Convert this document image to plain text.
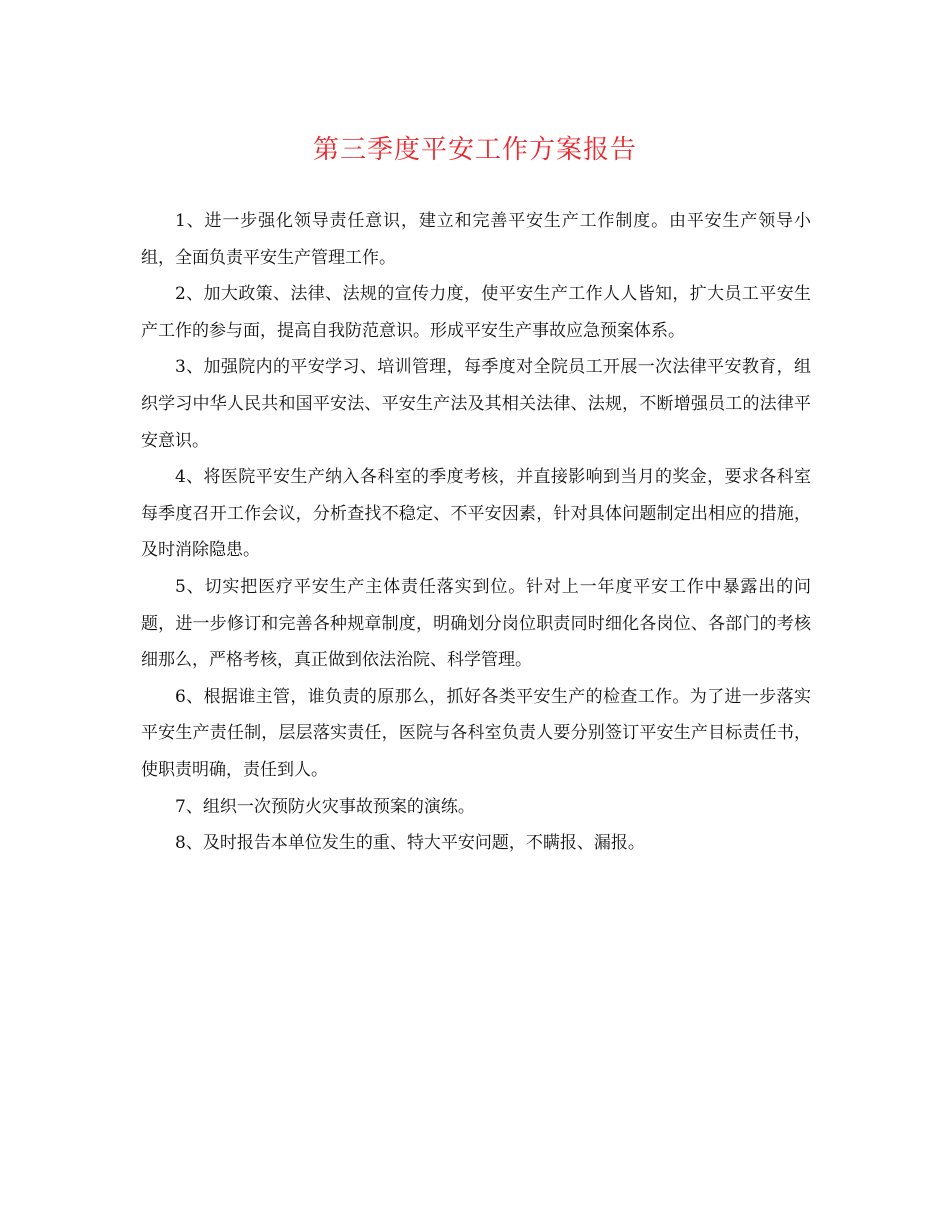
第三季度平安工作方案报告

1、进一步强化领导责任意识，建立和完善平安生产工作制度。由平安生产领导小组，全面负责平安生产管理工作。

2、加大政策、法律、法规的宣传力度，使平安生产工作人人皆知，扩大员工平安生产工作的参与面，提高自我防范意识。形成平安生产事故应急预案体系。

3、加强院内的平安学习、培训管理，每季度对全院员工开展一次法律平安教育，组织学习中华人民共和国平安法、平安生产法及其相关法律、法规，不断增强员工的法律平安意识。

4、将医院平安生产纳入各科室的季度考核，并直接影响到当月的奖金，要求各科室每季度召开工作会议，分析查找不稳定、不平安因素，针对具体问题制定出相应的措施，及时消除隐患。

5、切实把医疗平安生产主体责任落实到位。针对上一年度平安工作中暴露出的问题，进一步修订和完善各种规章制度，明确划分岗位职责同时细化各岗位、各部门的考核细那么，严格考核，真正做到依法治院、科学管理。

6、根据谁主管，谁负责的原那么，抓好各类平安生产的检查工作。为了进一步落实平安生产责任制，层层落实责任，医院与各科室负责人要分别签订平安生产目标责任书，使职责明确，责任到人。

7、组织一次预防火灾事故预案的演练。

8、及时报告本单位发生的重、特大平安问题，不瞒报、漏报。
